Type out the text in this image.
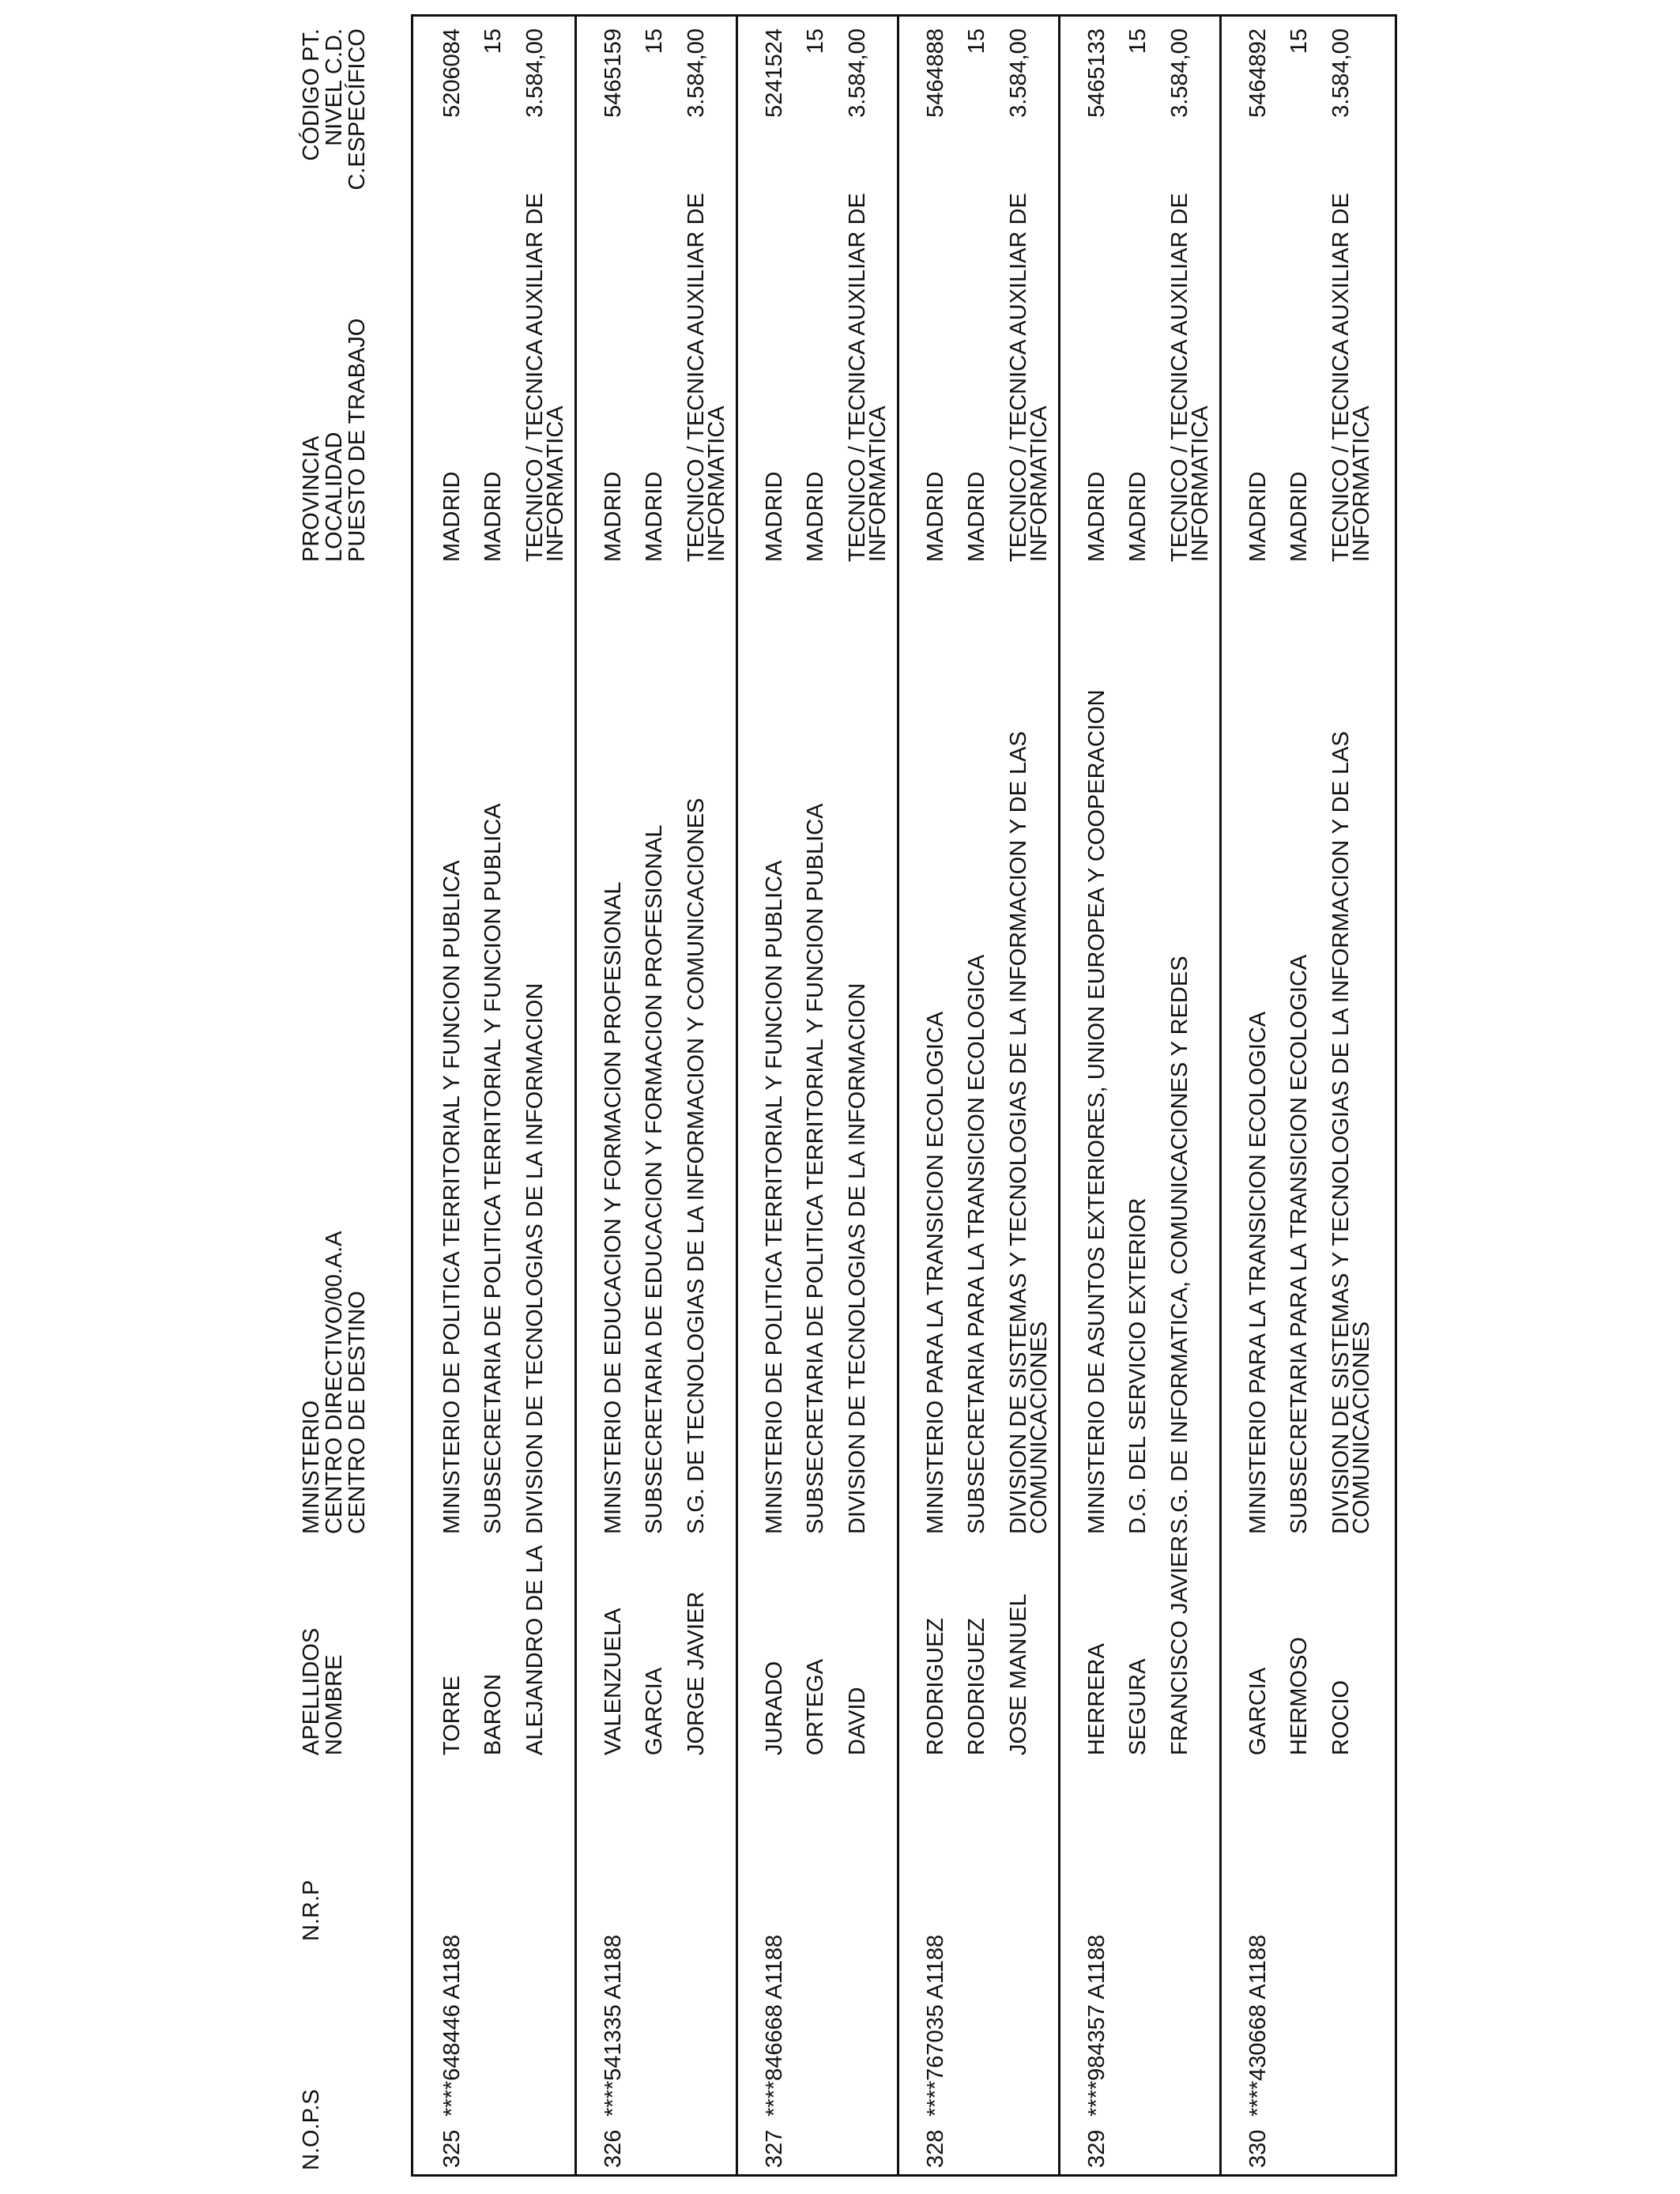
N.O.P.S
N.R.P
APELLIDOS
NOMBRE
MINISTERIO
CENTRO DIRECTIVO/00.A.A
CENTRO DE DESTINO
PROVINCIA
LOCALIDAD
PUESTO DE TRABAJO
CÓDIGO PT.
NIVEL C.D.
C.ESPECÍFICO
325
****648446 A1188
TORRE BARON ALEJANDRO DE LA
MINISTERIO DE POLITICA TERRITORIAL Y FUNCION PUBLICA SUBSECRETARIA DE POLITICA TERRITORIAL Y FUNCION PUBLICA DIVISION DE TECNOLOGIAS DE LA INFORMACION
MADRID MADRID TECNICO / TECNICA AUXILIAR DE
INFORMATICA
5206084 15 3.584,00
326
****541335 A1188
VALENZUELA GARCIA JORGE JAVIER
MINISTERIO DE EDUCACION Y FORMACION PROFESIONAL SUBSECRETARIA DE EDUCACION Y FORMACION PROFESIONAL S.G. DE TECNOLOGIAS DE LA INFORMACION Y COMUNICACIONES
MADRID MADRID TECNICO / TECNICA AUXILIAR DE
INFORMATICA
5465159 15 3.584,00
327
****846668 A1188
JURADO ORTEGA DAVID
MINISTERIO DE POLITICA TERRITORIAL Y FUNCION PUBLICA SUBSECRETARIA DE POLITICA TERRITORIAL Y FUNCION PUBLICA DIVISION DE TECNOLOGIAS DE LA INFORMACION
MADRID MADRID TECNICO / TECNICA AUXILIAR DE
INFORMATICA
5241524 15 3.584,00
328
****767035 A1188
RODRIGUEZ RODRIGUEZ JOSE MANUEL
MINISTERIO PARA LA TRANSICION ECOLOGICA SUBSECRETARIA PARA LA TRANSICION ECOLOGICA DIVISION DE SISTEMAS Y TECNOLOGIAS DE LA INFORMACION Y DE LAS
COMUNICACIONES
MADRID MADRID TECNICO / TECNICA AUXILIAR DE
INFORMATICA
5464888 15 3.584,00
329
****984357 A1188
HERRERA SEGURA FRANCISCO JAVIER
MINISTERIO DE ASUNTOS EXTERIORES, UNION EUROPEA Y COOPERACION D.G. DEL SERVICIO EXTERIOR S.G. DE INFORMATICA, COMUNICACIONES Y REDES
MADRID MADRID TECNICO / TECNICA AUXILIAR DE
INFORMATICA
5465133 15 3.584,00
330
****430668 A1188
GARCIA HERMOSO ROCIO
MINISTERIO PARA LA TRANSICION ECOLOGICA SUBSECRETARIA PARA LA TRANSICION ECOLOGICA DIVISION DE SISTEMAS Y TECNOLOGIAS DE LA INFORMACION Y DE LAS
COMUNICACIONES
MADRID MADRID TECNICO / TECNICA AUXILIAR DE
INFORMATICA
5464892 15 3.584,00
